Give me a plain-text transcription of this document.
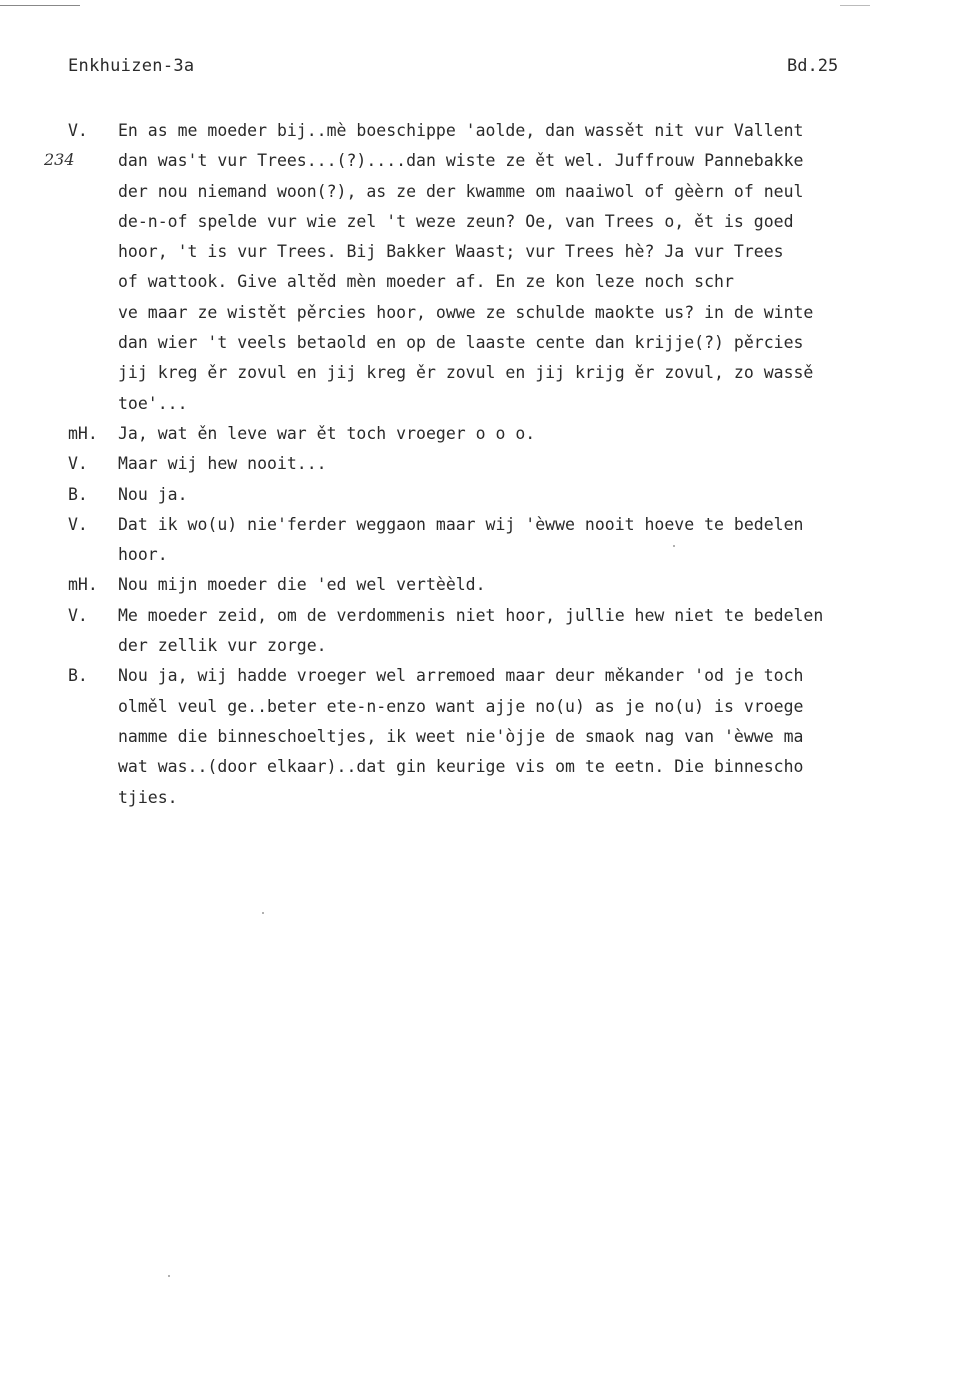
Enkhuizen-3a	Bd.25
234
V.	En as me moeder bij..mè boeschippe 'aolde, dan wassět nit vur Vallent
dan was't vur Trees...(?)....dan wiste ze ět wel. Juffrouw Pannebakke
der nou niemand woon(?), as ze der kwamme om naaiwol of gèèrn of neul
de-n-of spelde vur wie zel 't weze zeun? Oe, van Trees o, ět is goed
hoor, 't is vur Trees. Bij Bakker Waast; vur Trees hè? Ja vur Trees
of wattook. Give altěd mèn moeder af. En ze kon leze noch schr
ve maar ze wistět pěrcies hoor, owwe ze schulde maokte us? in de winte
dan wier 't veels betaold en op de laaste cente dan krijje(?) pěrcies
jij kreg ěr zovul en jij kreg ěr zovul en jij krijg ěr zovul, zo wassě
toe'...
mH.	Ja, wat ěn leve war ět toch vroeger o o o.
V.	Maar wij hew nooit...
B.	Nou ja.
V.	Dat ik wo(u) nie'ferder weggaon maar wij 'èwwe nooit hoeve te bedelen
hoor.
mH.	Nou mijn moeder die 'ed wel vertèèld.
V.	Me moeder zeid, om de verdommenis niet hoor, jullie hew niet te bedelen
der zellik vur zorge.
B.	Nou ja, wij hadde vroeger wel arremoed maar deur měkander 'od je toch
olměl veul ge..beter ete-n-enzo want ajje no(u) as je no(u) is vroege
namme die binneschoeltjes, ik weet nie'òjje de smaok nag van 'èwwe ma
wat was..(door elkaar)..dat gin keurige vis om te eetn. Die binnescho
tjies.
